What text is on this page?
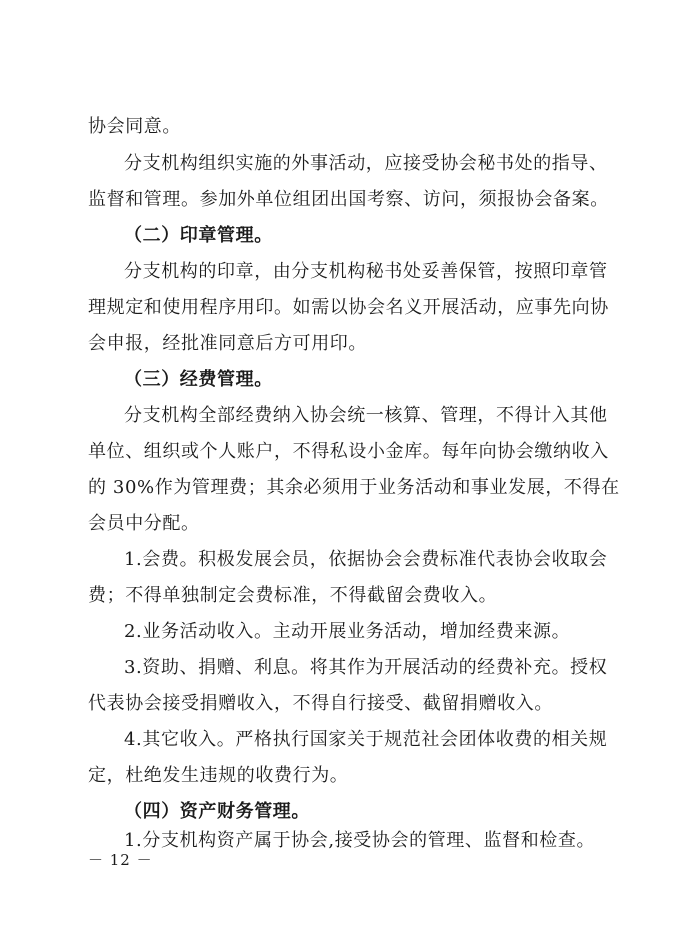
协会同意。
分支机构组织实施的外事活动，应接受协会秘书处的指导、
监督和管理。参加外单位组团出国考察、访问，须报协会备案。
（二）印章管理。
分支机构的印章，由分支机构秘书处妥善保管，按照印章管
理规定和使用程序用印。如需以协会名义开展活动，应事先向协
会申报，经批准同意后方可用印。
（三）经费管理。
分支机构全部经费纳入协会统一核算、管理，不得计入其他
单位、组织或个人账户，不得私设小金库。每年向协会缴纳收入
的 30%作为管理费；其余必须用于业务活动和事业发展，不得在
会员中分配。
1.会费。积极发展会员，依据协会会费标准代表协会收取会
费；不得单独制定会费标准，不得截留会费收入。
2.业务活动收入。主动开展业务活动，增加经费来源。
3.资助、捐赠、利息。将其作为开展活动的经费补充。授权
代表协会接受捐赠收入，不得自行接受、截留捐赠收入。
4.其它收入。严格执行国家关于规范社会团体收费的相关规
定，杜绝发生违规的收费行为。
（四）资产财务管理。
1.分支机构资产属于协会,接受协会的管理、监督和检查。
－ 12 －
